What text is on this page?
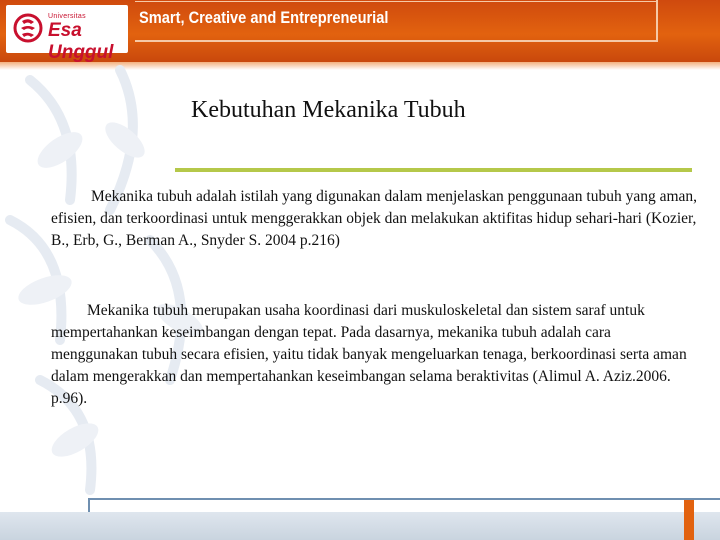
Universitas
Esa Unggul
Smart, Creative and Entrepreneurial
Kebutuhan Mekanika Tubuh

Mekanika tubuh adalah istilah yang digunakan dalam menjelaskan penggunaan tubuh yang aman, efisien, dan terkoordinasi untuk menggerakkan objek dan melakukan aktifitas hidup sehari-hari (Kozier, B., Erb, G., Berman A., Snyder S. 2004 p.216)

Mekanika tubuh merupakan usaha koordinasi dari muskuloskeletal dan sistem saraf untuk mempertahankan keseimbangan dengan tepat. Pada dasarnya, mekanika tubuh adalah cara menggunakan tubuh secara efisien, yaitu tidak banyak mengeluarkan tenaga, berkoordinasi serta aman dalam mengerakkan dan mempertahankan keseimbangan selama beraktivitas (Alimul A. Aziz.2006. p.96).
